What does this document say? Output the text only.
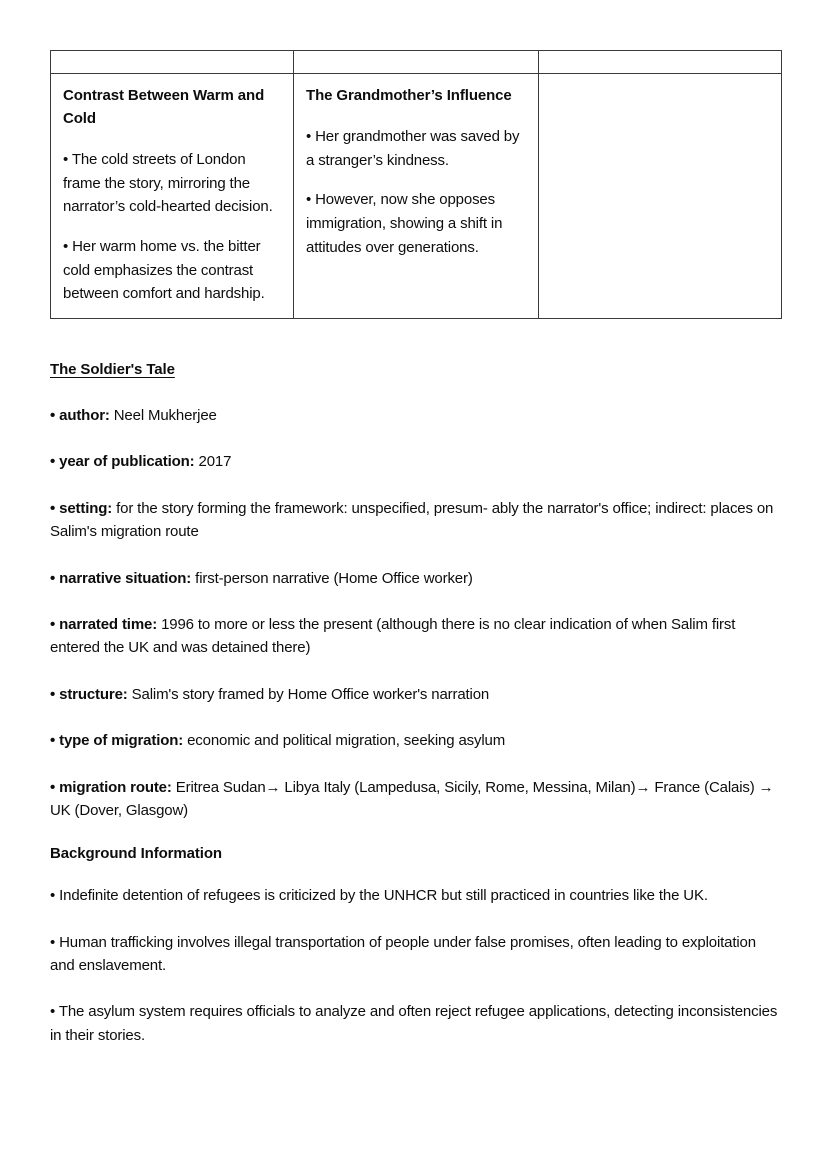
Contrast Between Warm and Cold

• The cold streets of London frame the story, mirroring the narrator’s cold-hearted decision.

• Her warm home vs. the bitter cold emphasizes the contrast between comfort and hardship.

The Grandmother’s Influence

• Her grandmother was saved by a stranger’s kindness.

• However, now she opposes immigration, showing a shift in attitudes over generations.

The Soldier's Tale

• author: Neel Mukherjee

• year of publication: 2017

• setting: for the story forming the framework: unspecified, presum- ably the narrator's office; indirect: places on Salim's migration route

• narrative situation: first-person narrative (Home Office worker)

• narrated time: 1996 to more or less the present (although there is no clear indication of when Salim first entered the UK and was detained there)

• structure: Salim's story framed by Home Office worker's narration

• type of migration: economic and political migration, seeking asylum

• migration route: Eritrea Sudan→ Libya Italy (Lampedusa, Sicily, Rome, Messina, Milan)→ France (Calais) → UK (Dover, Glasgow)

Background Information

• Indefinite detention of refugees is criticized by the UNHCR but still practiced in countries like the UK.

• Human trafficking involves illegal transportation of people under false promises, often leading to exploitation and enslavement.

• The asylum system requires officials to analyze and often reject refugee applications, detecting inconsistencies in their stories.
